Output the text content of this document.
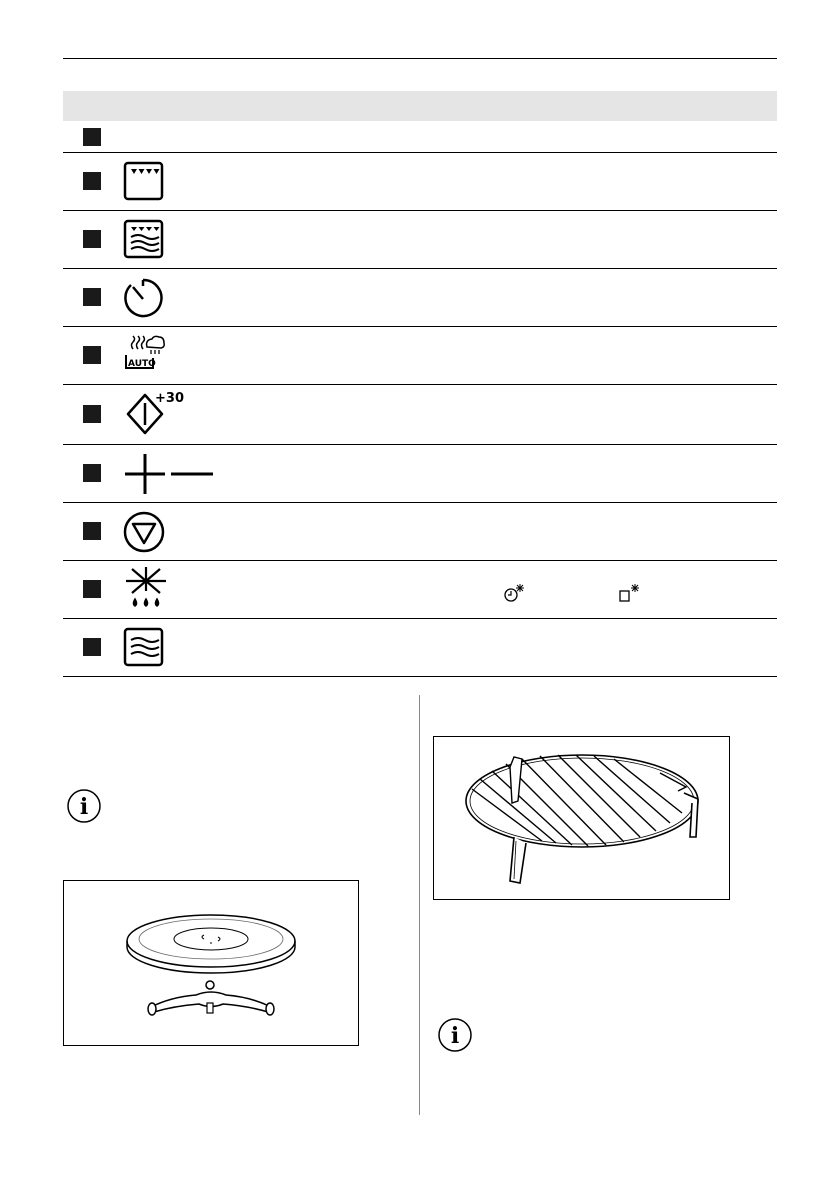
AUTO
+30
i
i
